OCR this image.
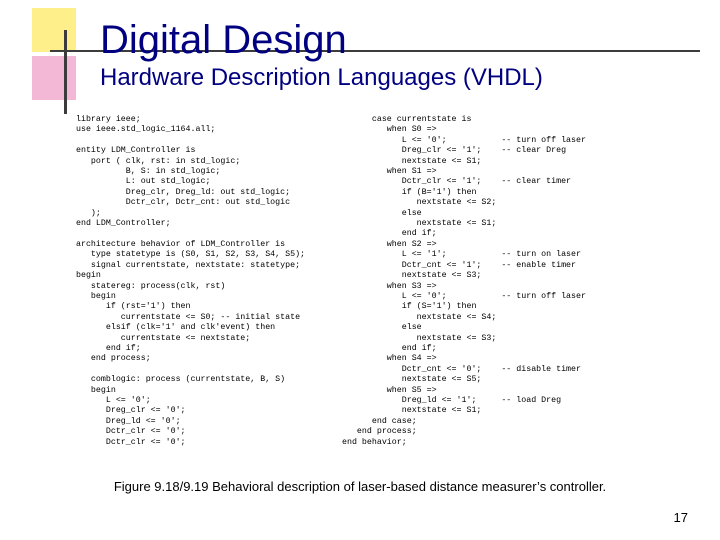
Digital Design
Hardware Description Languages (VHDL)
library ieee;
use ieee.std_logic_1164.all;
entity LDM_Controller is
port ( clk, rst: in std_logic;
B, S: in std_logic;
L: out std_logic;
Dreg_clr, Dreg_ld: out std_logic;
Dctr_clr, Dctr_cnt: out std_logic
);
end LDM_Controller;
architecture behavior of LDM_Controller is
type statetype is (S0, S1, S2, S3, S4, S5);
signal currentstate, nextstate: statetype;
begin
statereg: process(clk, rst)
begin
if (rst='1') then
currentstate <= S0; -- initial state
elsif (clk='1' and clk'event) then
currentstate <= nextstate;
end if;
end process;
comblogic: process (currentstate, B, S)
begin
L <= '0';
Dreg_clr <= '0';
Dreg_ld <= '0';
Dctr_clr <= '0';
Dctr_clr <= '0';
case currentstate is
when S0 =>
L <= '0';           -- turn off laser
Dreg_clr <= '1';    -- clear Dreg
nextstate <= S1;
when S1 =>
Dctr_clr <= '1';    -- clear timer
if (B='1') then
nextstate <= S2;
else
nextstate <= S1;
end if;
when S2 =>
L <= '1';           -- turn on laser
Dctr_cnt <= '1';    -- enable timer
nextstate <= S3;
when S3 =>
L <= '0';           -- turn off laser
if (S='1') then
nextstate <= S4;
else
nextstate <= S3;
end if;
when S4 =>
Dctr_cnt <= '0';    -- disable timer
nextstate <= S5;
when S5 =>
Dreg_ld <= '1';     -- load Dreg
nextstate <= S1;
end case;
end process;
end behavior;
Figure 9.18/9.19 Behavioral description of laser-based distance measurer’s controller.
17
